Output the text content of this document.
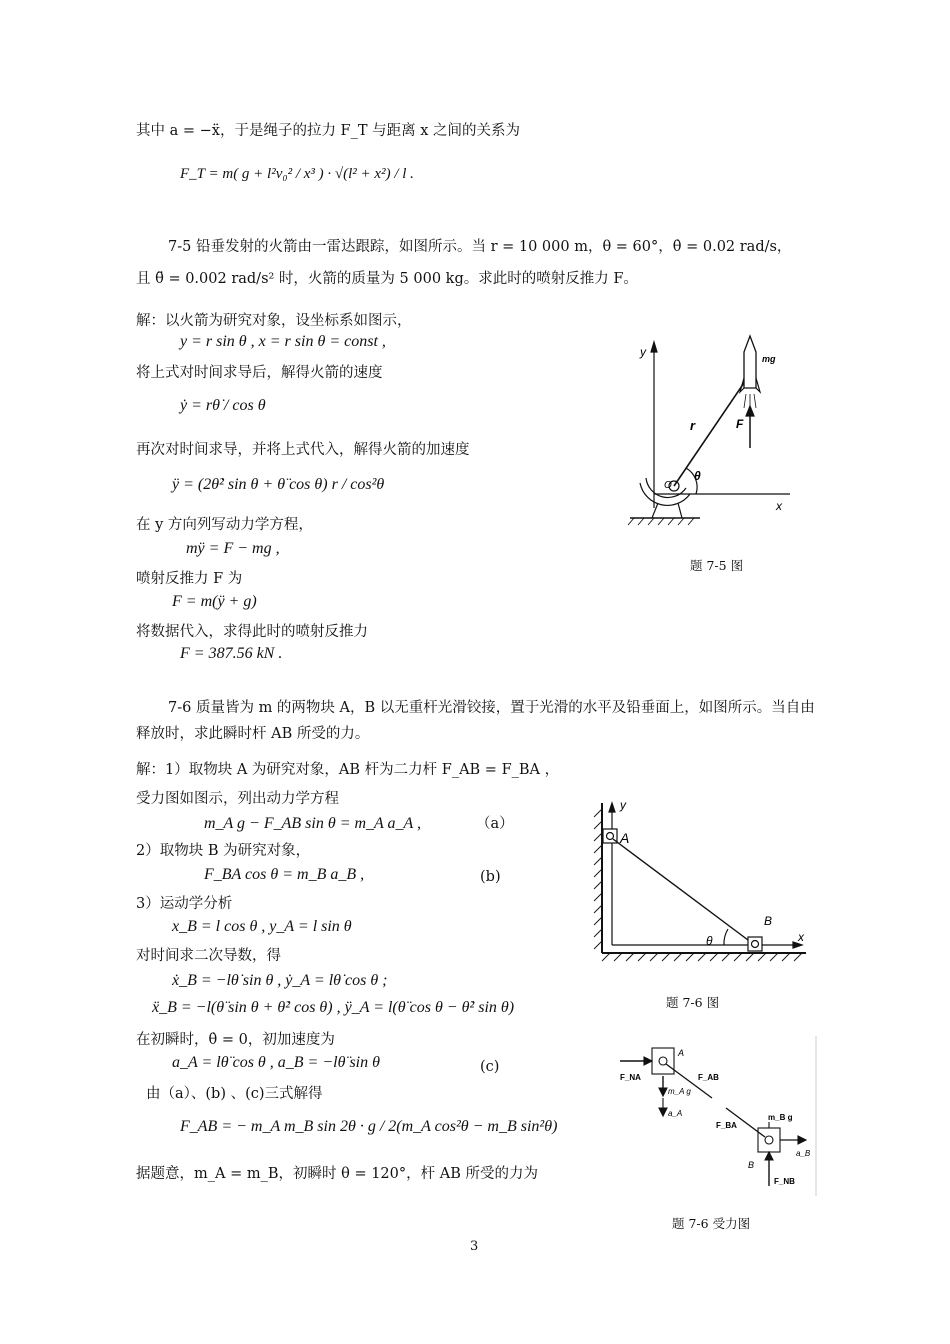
其中 a = −ẍ，于是绳子的拉力 F_T 与距离 x 之间的关系为
F_T = m( g + l²v₀² / x³ ) · √(l² + x²) / l .
7-5 铅垂发射的火箭由一雷达跟踪，如图所示。当 r = 10 000 m，θ = 60°，θ̇ = 0.02 rad/s，
且 θ̈ = 0.002 rad/s² 时，火箭的质量为 5 000 kg。求此时的喷射反推力 F。
解：以火箭为研究对象，设坐标系如图示，
y = r sin θ , x = r sin θ = const ,
将上式对时间求导后，解得火箭的速度
ẏ = rθ̇ / cos θ
再次对时间求导，并将上式代入，解得火箭的加速度
ÿ = (2θ̇² sin θ + θ̈ cos θ) r / cos²θ
在 y 方向列写动力学方程，
mÿ = F − mg ,
喷射反推力 F 为
F = m(ÿ + g)
将数据代入，求得此时的喷射反推力
F = 387.56 kN .
y
x
O
θ
r	F
mg
题 7-5 图
7-6 质量皆为 m 的两物块 A，B 以无重杆光滑铰接，置于光滑的水平及铅垂面上，如图所示。当自由释放时，求此瞬时杆 AB 所受的力。
解：1）取物块 A 为研究对象，AB 杆为二力杆 F_AB = F_BA ，
受力图如图示，列出动力学方程
m_A g − F_AB sin θ = m_A a_A ,	（a）
2）取物块 B 为研究对象，
F_BA cos θ = m_B a_B ,	(b)
3）运动学分析
x_B = l cos θ , y_A = l sin θ
对时间求二次导数，得
ẋ_B = −lθ̇ sin θ , ẏ_A = lθ̇ cos θ ;
ẍ_B = −l(θ̈ sin θ + θ̇² cos θ) , ÿ_A = l(θ̈ cos θ − θ̇² sin θ)
在初瞬时，θ̇ = 0，初加速度为
a_A = lθ̈ cos θ , a_B = −lθ̈ sin θ	(c)
由（a）、(b) 、(c)三式解得
F_AB = − m_A m_B sin 2θ · g / 2(m_A cos²θ − m_B sin²θ)
据题意，m_A = m_B，初瞬时 θ = 120°，杆 AB 所受的力为
y
x
A
B
θ
题 7-6 图
A
F_NA	F_AB
m_A g
a_A
F_BA
m_B g
a_B
B
F_NB
题 7-6 受力图
3
